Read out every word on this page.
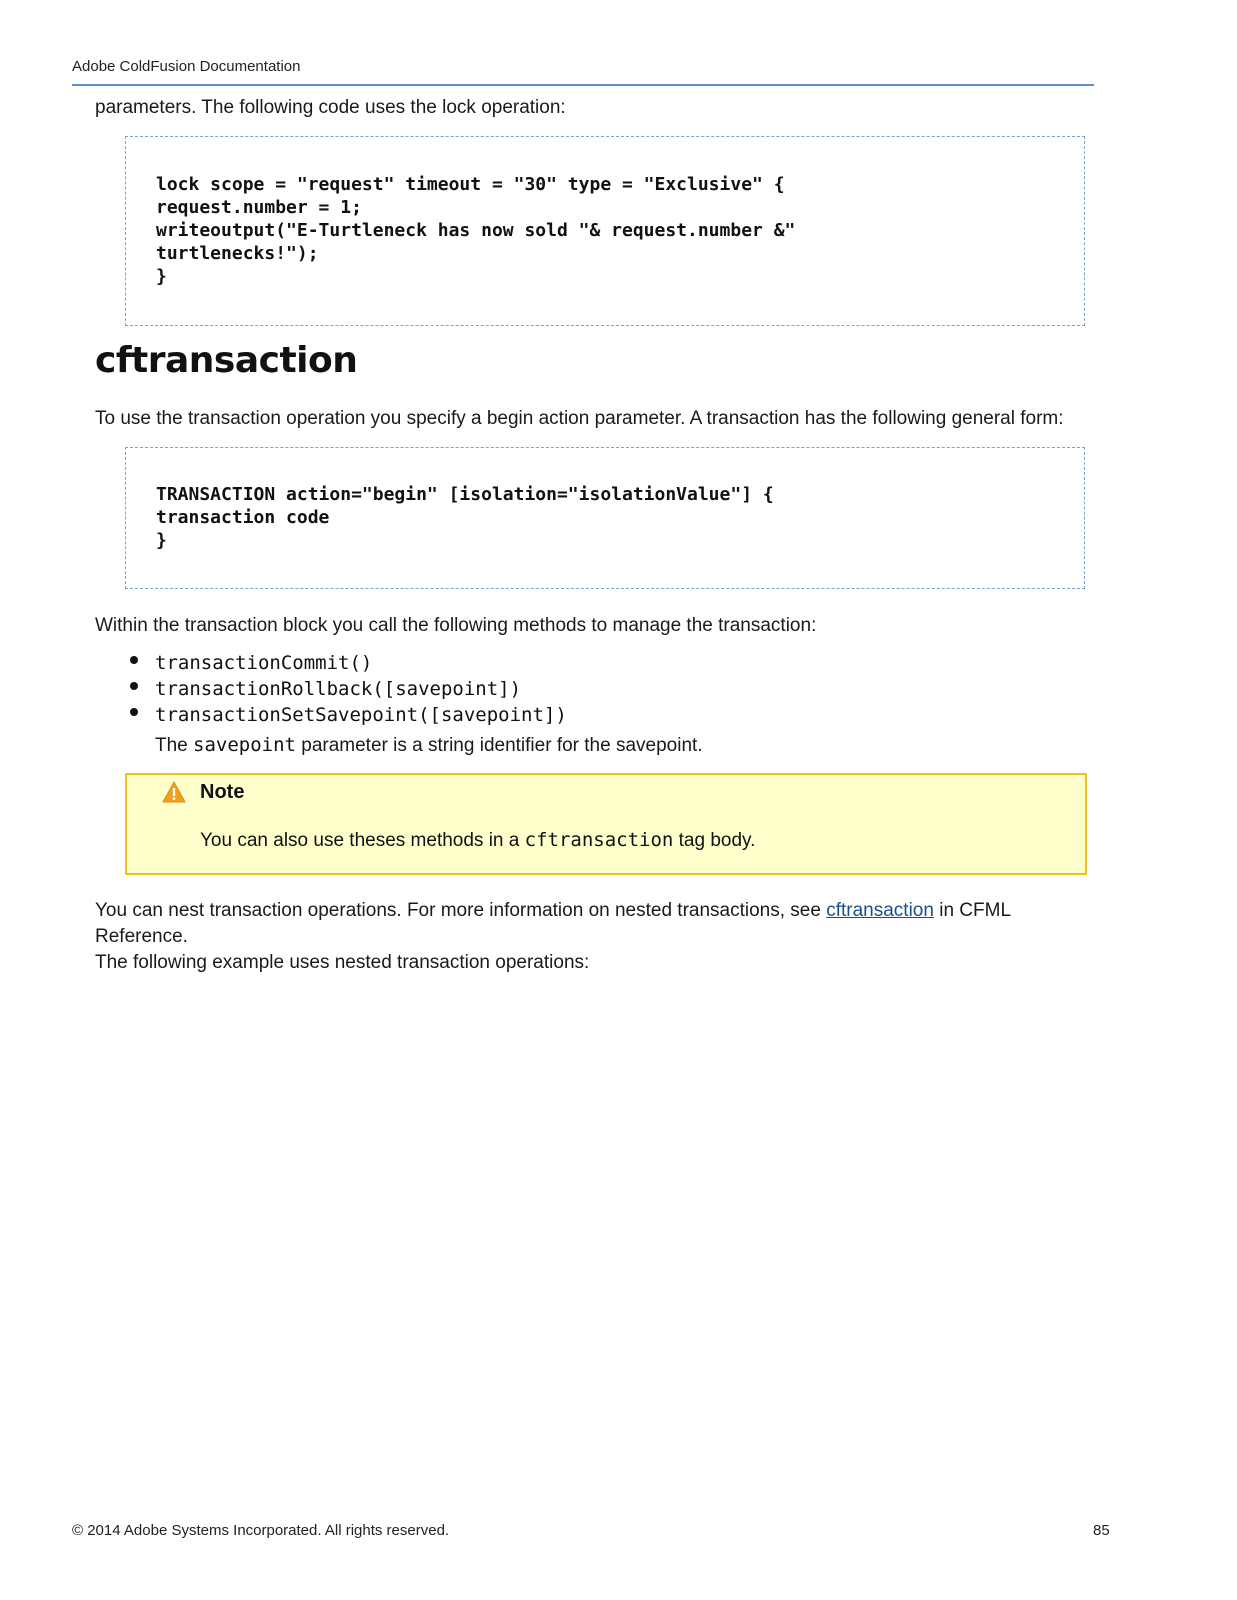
Adobe ColdFusion Documentation

parameters. The following code uses the lock operation:

lock scope = "request" timeout = "30" type = "Exclusive" {
request.number = 1;
writeoutput("E-Turtleneck has now sold "& request.number &"
turtlenecks!");
}
cftransaction

To use the transaction operation you specify a begin action parameter. A transaction has the following general form:

TRANSACTION action="begin" [isolation="isolationValue"] {
transaction code
}

Within the transaction block you call the following methods to manage the transaction:

transactionCommit()
transactionRollback([savepoint])
transactionSetSavepoint([savepoint])
The savepoint parameter is a string identifier for the savepoint.
Note
You can also use theses methods in a cftransaction tag body.

You can nest transaction operations. For more information on nested transactions, see cftransaction in CFML
Reference.
The following example uses nested transaction operations:

© 2014 Adobe Systems Incorporated. All rights reserved.	85
